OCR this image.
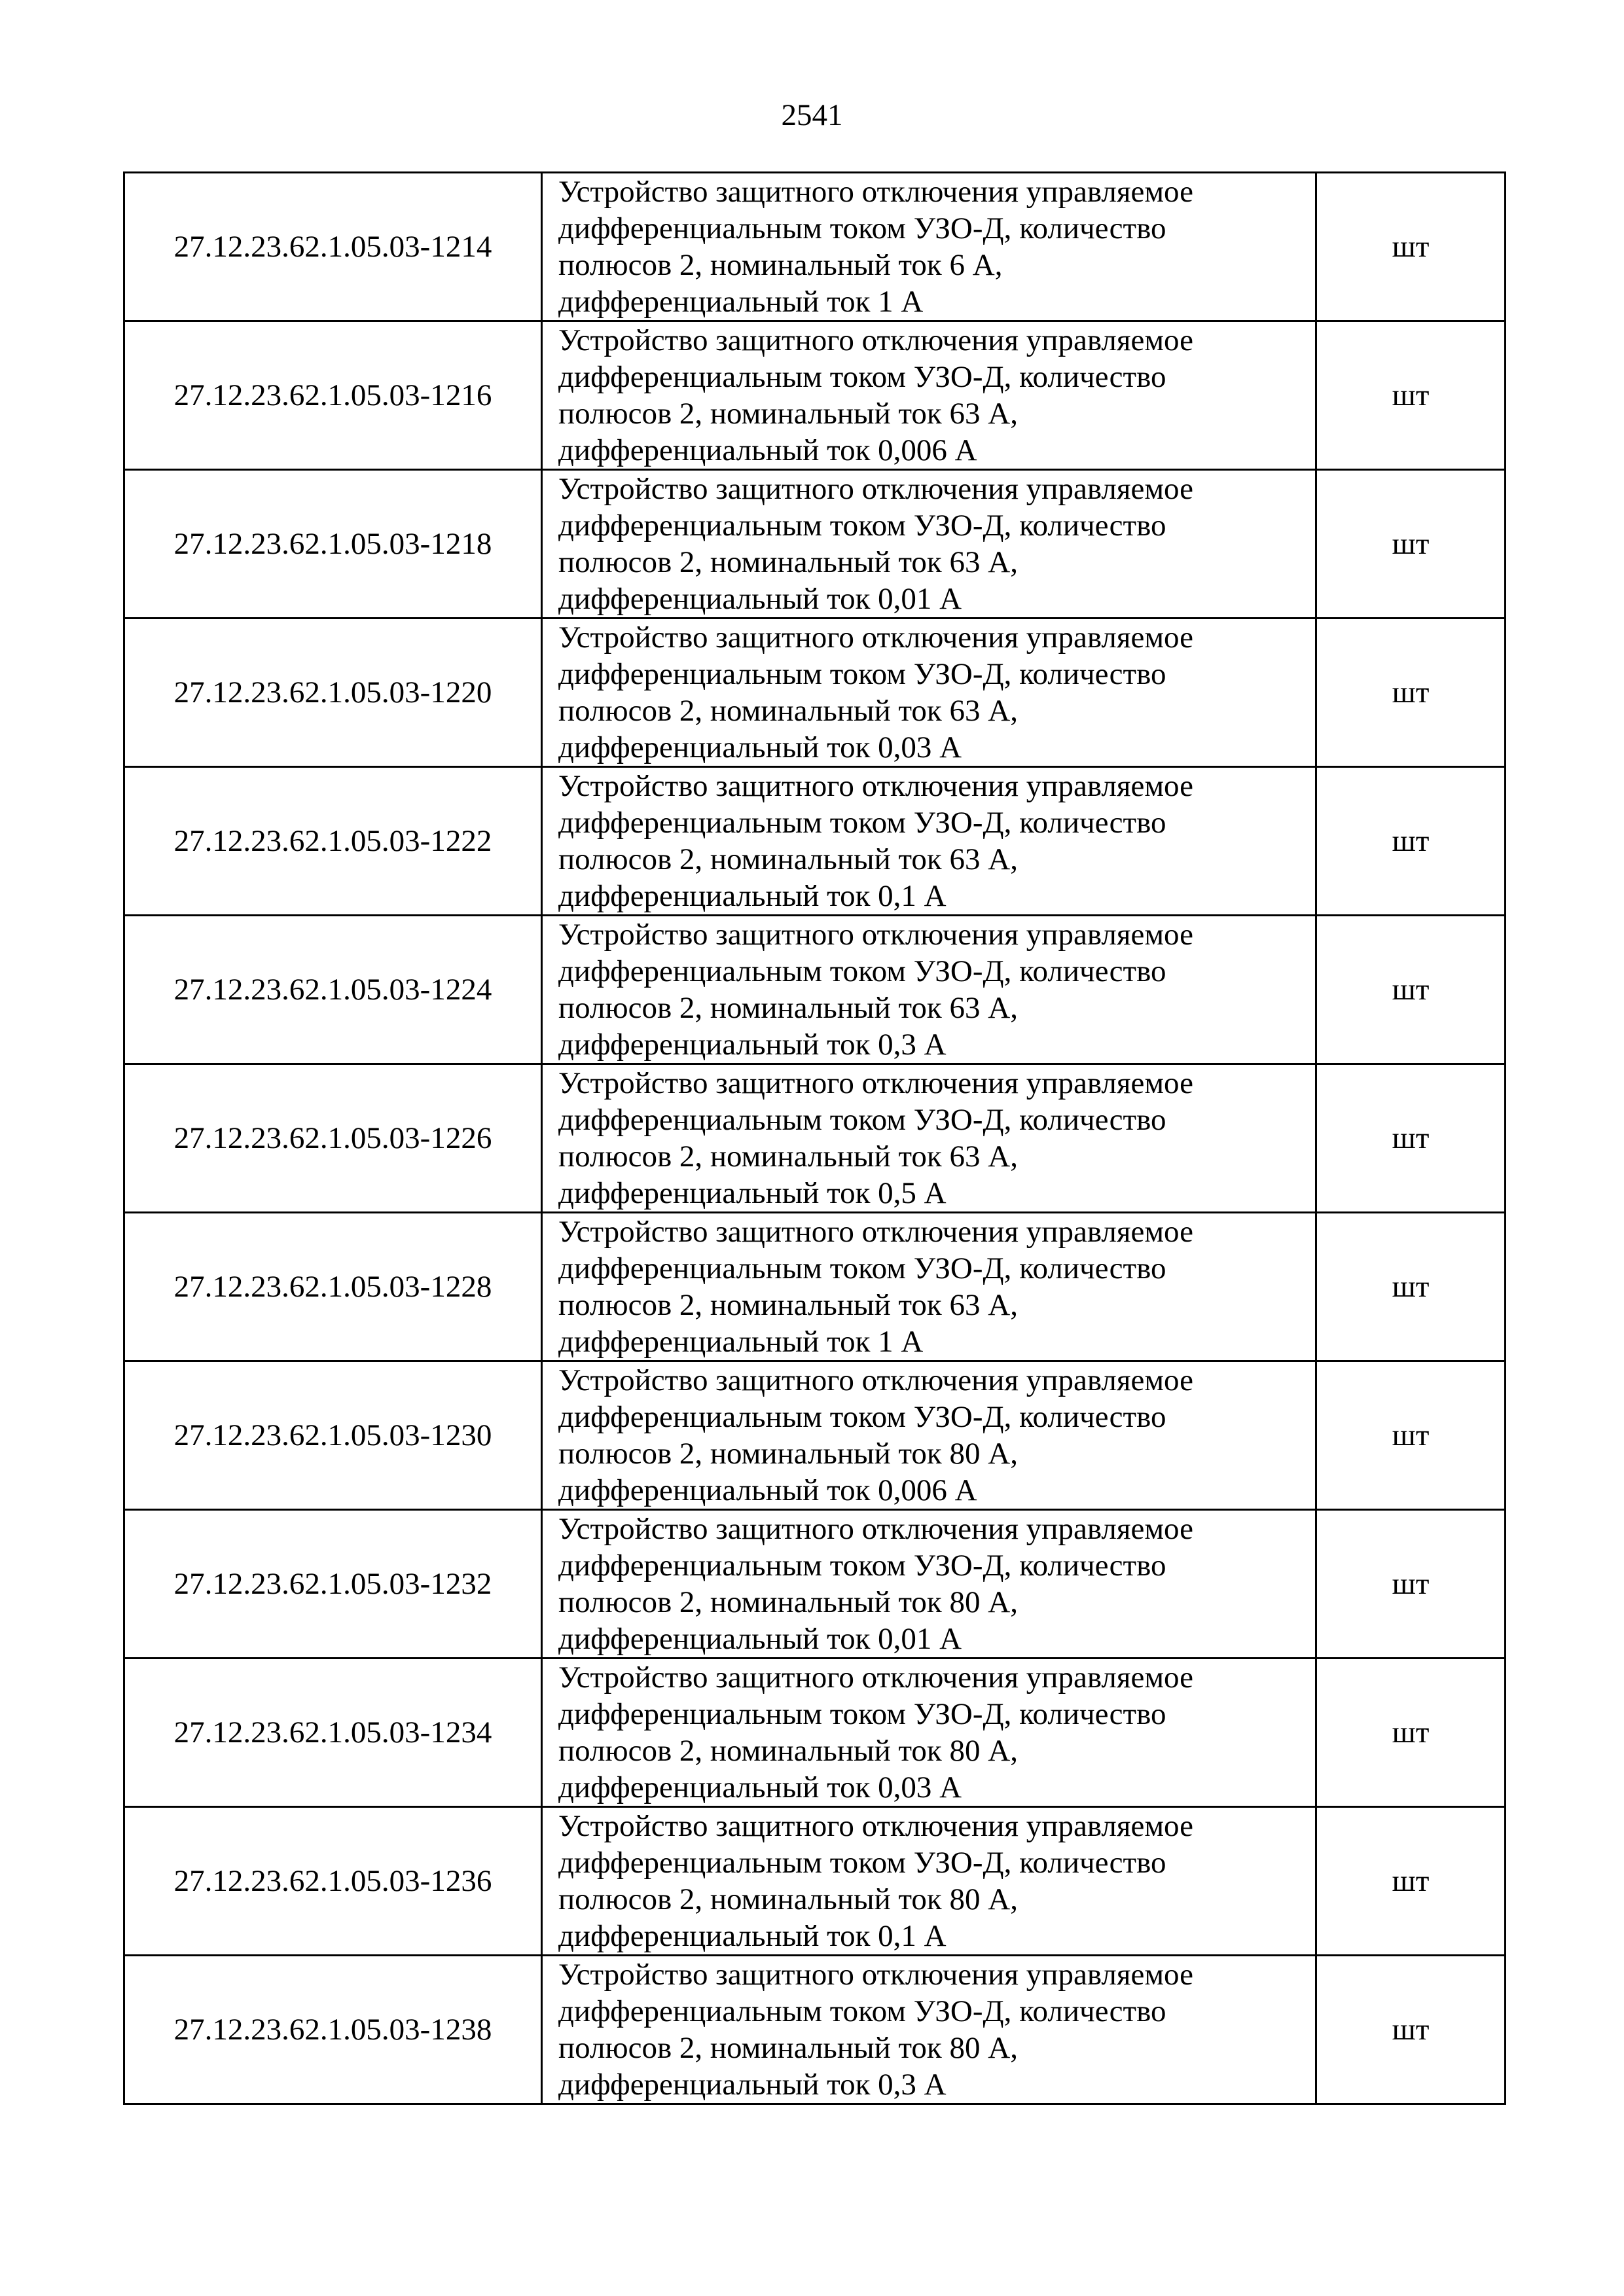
2541
27.12.23.62.1.05.03-1214	Устройство защитного отключения управляемое
дифференциальным током УЗО-Д, количество
полюсов 2, номинальный ток 6 А,
дифференциальный ток 1 А	шт
27.12.23.62.1.05.03-1216	Устройство защитного отключения управляемое
дифференциальным током УЗО-Д, количество
полюсов 2, номинальный ток 63 А,
дифференциальный ток 0,006 А	шт
27.12.23.62.1.05.03-1218	Устройство защитного отключения управляемое
дифференциальным током УЗО-Д, количество
полюсов 2, номинальный ток 63 А,
дифференциальный ток 0,01 А	шт
27.12.23.62.1.05.03-1220	Устройство защитного отключения управляемое
дифференциальным током УЗО-Д, количество
полюсов 2, номинальный ток 63 А,
дифференциальный ток 0,03 А	шт
27.12.23.62.1.05.03-1222	Устройство защитного отключения управляемое
дифференциальным током УЗО-Д, количество
полюсов 2, номинальный ток 63 А,
дифференциальный ток 0,1 А	шт
27.12.23.62.1.05.03-1224	Устройство защитного отключения управляемое
дифференциальным током УЗО-Д, количество
полюсов 2, номинальный ток 63 А,
дифференциальный ток 0,3 А	шт
27.12.23.62.1.05.03-1226	Устройство защитного отключения управляемое
дифференциальным током УЗО-Д, количество
полюсов 2, номинальный ток 63 А,
дифференциальный ток 0,5 А	шт
27.12.23.62.1.05.03-1228	Устройство защитного отключения управляемое
дифференциальным током УЗО-Д, количество
полюсов 2, номинальный ток 63 А,
дифференциальный ток 1 А	шт
27.12.23.62.1.05.03-1230	Устройство защитного отключения управляемое
дифференциальным током УЗО-Д, количество
полюсов 2, номинальный ток 80 А,
дифференциальный ток 0,006 А	шт
27.12.23.62.1.05.03-1232	Устройство защитного отключения управляемое
дифференциальным током УЗО-Д, количество
полюсов 2, номинальный ток 80 А,
дифференциальный ток 0,01 А	шт
27.12.23.62.1.05.03-1234	Устройство защитного отключения управляемое
дифференциальным током УЗО-Д, количество
полюсов 2, номинальный ток 80 А,
дифференциальный ток 0,03 А	шт
27.12.23.62.1.05.03-1236	Устройство защитного отключения управляемое
дифференциальным током УЗО-Д, количество
полюсов 2, номинальный ток 80 А,
дифференциальный ток 0,1 А	шт
27.12.23.62.1.05.03-1238	Устройство защитного отключения управляемое
дифференциальным током УЗО-Д, количество
полюсов 2, номинальный ток 80 А,
дифференциальный ток 0,3 А	шт
